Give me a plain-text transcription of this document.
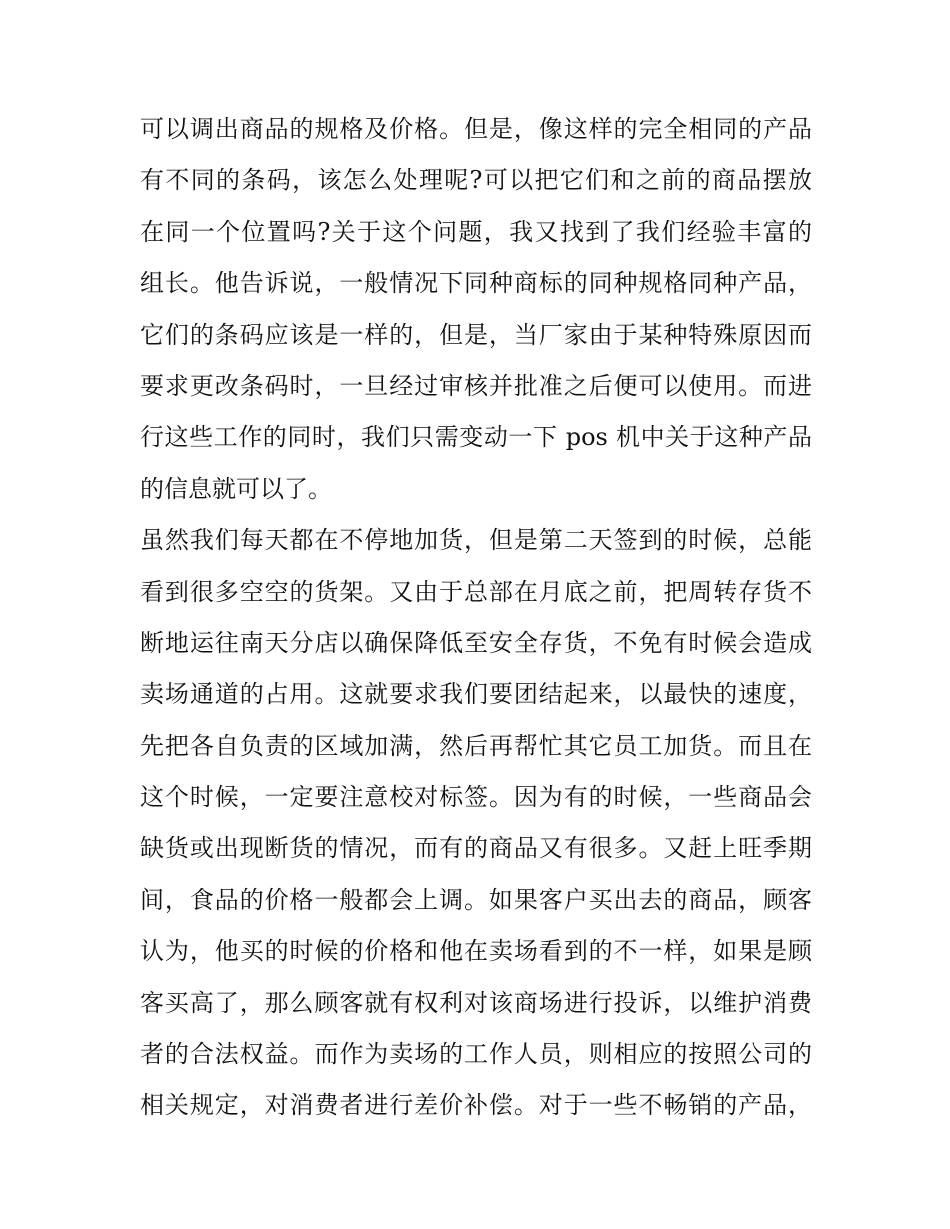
可以调出商品的规格及价格。但是，像这样的完全相同的产品
有不同的条码，该怎么处理呢?可以把它们和之前的商品摆放
在同一个位置吗?关于这个问题，我又找到了我们经验丰富的
组长。他告诉说，一般情况下同种商标的同种规格同种产品，
它们的条码应该是一样的，但是，当厂家由于某种特殊原因而
要求更改条码时，一旦经过审核并批准之后便可以使用。而进
行这些工作的同时，我们只需变动一下 pos 机中关于这种产品
的信息就可以了。
虽然我们每天都在不停地加货，但是第二天签到的时候，总能
看到很多空空的货架。又由于总部在月底之前，把周转存货不
断地运往南天分店以确保降低至安全存货，不免有时候会造成
卖场通道的占用。这就要求我们要团结起来，以最快的速度，
先把各自负责的区域加满，然后再帮忙其它员工加货。而且在
这个时候，一定要注意校对标签。因为有的时候，一些商品会
缺货或出现断货的情况，而有的商品又有很多。又赶上旺季期
间，食品的价格一般都会上调。如果客户买出去的商品，顾客
认为，他买的时候的价格和他在卖场看到的不一样，如果是顾
客买高了，那么顾客就有权利对该商场进行投诉，以维护消费
者的合法权益。而作为卖场的工作人员，则相应的按照公司的
相关规定，对消费者进行差价补偿。对于一些不畅销的产品，
